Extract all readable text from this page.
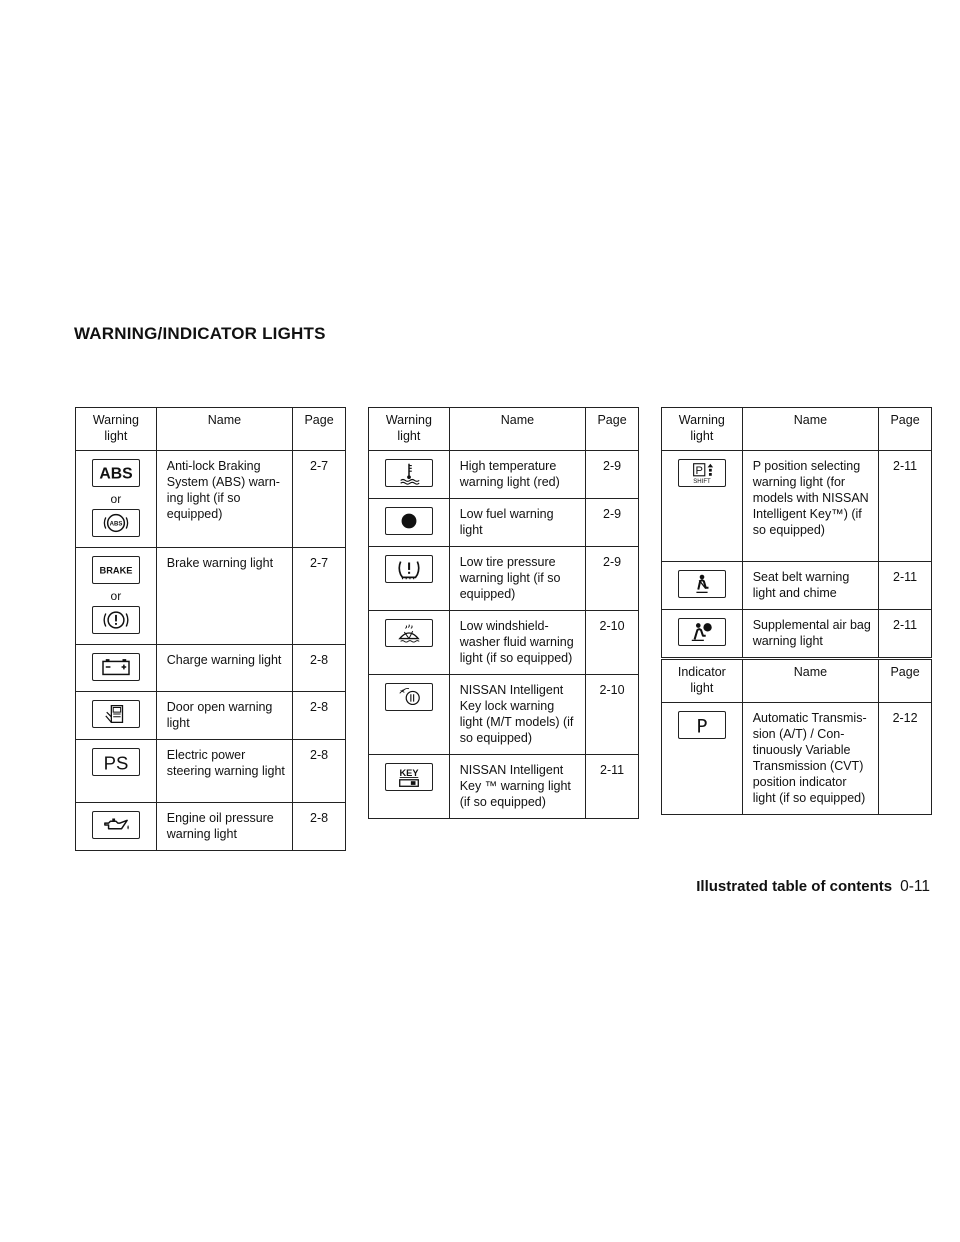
WARNING/INDICATOR LIGHTS
Warning light	Name	Page

ABS
or
ABS	Anti-lock Braking System (ABS) warn-ing light (if so equipped)	2-7

BRAKE
or	Brake warning light	2-7

	Charge warning light	2-8

	Door open warning light	2-8

PS	Electric power steering warning light	2-8

	Engine oil pressure warning light	2-8
Warning light	Name	Page

	High temperature warning light (red)	2-9

	Low fuel warning light	2-9

	Low tire pressure warning light (if so equipped)	2-9

	Low windshield-washer fluid warning light (if so equipped)	2-10

	NISSAN Intelligent Key lock warning light (M/T models) (if so equipped)	2-10

KEY	NISSAN Intelligent Key ™ warning light (if so equipped)	2-11
Warning light	Name	Page

P
SHIFT	P position selecting warning light (for models with NISSAN Intelligent Key™) (if so equipped)	2-11

	Seat belt warning light and chime	2-11

	Supplemental air bag warning light	2-11
Indicator light	Name	Page

P	Automatic Transmis-sion (A/T) / Con-tinuously Variable Transmission (CVT) position indicator light (if so equipped)	2-12
Illustrated table of contents 0-11
